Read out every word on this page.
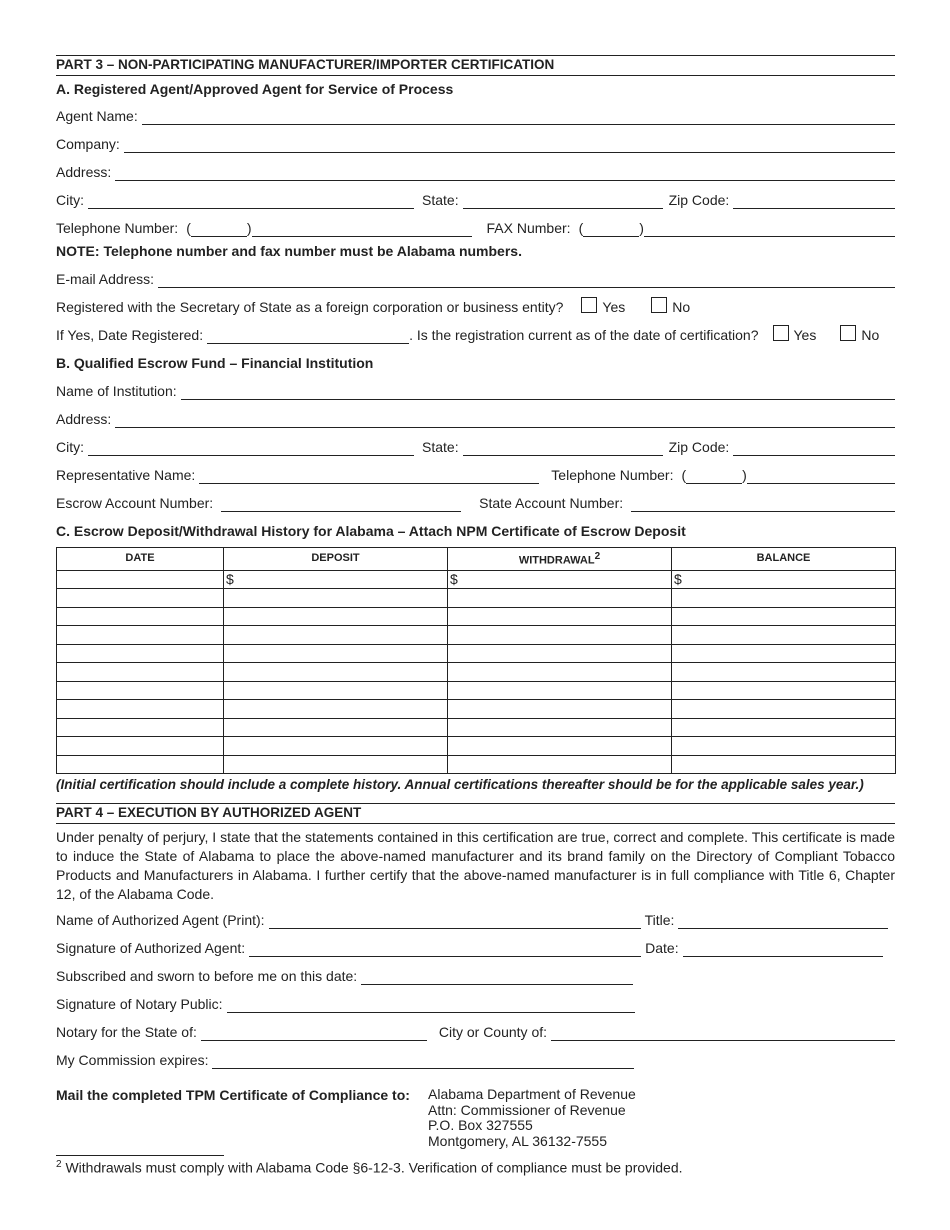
PART 3 – NON-PARTICIPATING MANUFACTURER/IMPORTER CERTIFICATION
A. Registered Agent/Approved Agent for Service of Process
Agent Name:
Company:
Address:
City:	State:	Zip Code:
Telephone Number: (	)	FAX Number: (	)
NOTE: Telephone number and fax number must be Alabama numbers.
E-mail Address:
Registered with the Secretary of State as a foreign corporation or business entity?	Yes	No
If Yes, Date Registered:	. Is the registration current as of the date of certification?	Yes	No
B. Qualified Escrow Fund – Financial Institution
Name of Institution:
Address:
City:	State:	Zip Code:
Representative Name:	Telephone Number: (	)
Escrow Account Number:	State Account Number:
C. Escrow Deposit/Withdrawal History for Alabama – Attach NPM Certificate of Escrow Deposit
DATE	DEPOSIT	WITHDRAWAL$^2$	BALANCE
	$	$	$

(Initial certification should include a complete history. Annual certifications thereafter should be for the applicable sales year.)
PART 4 – EXECUTION BY AUTHORIZED AGENT
Under penalty of perjury, I state that the statements contained in this certification are true, correct and complete. This certificate is made to induce the State of Alabama to place the above-named manufacturer and its brand family on the Directory of Compliant Tobacco Products and Manufacturers in Alabama. I further certify that the above-named manufacturer is in full compliance with Title 6, Chapter 12, of the Alabama Code.
Name of Authorized Agent (Print):	Title:
Signature of Authorized Agent:	Date:
Subscribed and sworn to before me on this date:
Signature of Notary Public:
Notary for the State of:	City or County of:
My Commission expires:
Mail the completed TPM Certificate of Compliance to: Alabama Department of Revenue
Attn: Commissioner of Revenue
P.O. Box 327555
Montgomery, AL 36132-7555
$^2$ Withdrawals must comply with Alabama Code §6-12-3. Verification of compliance must be provided.
